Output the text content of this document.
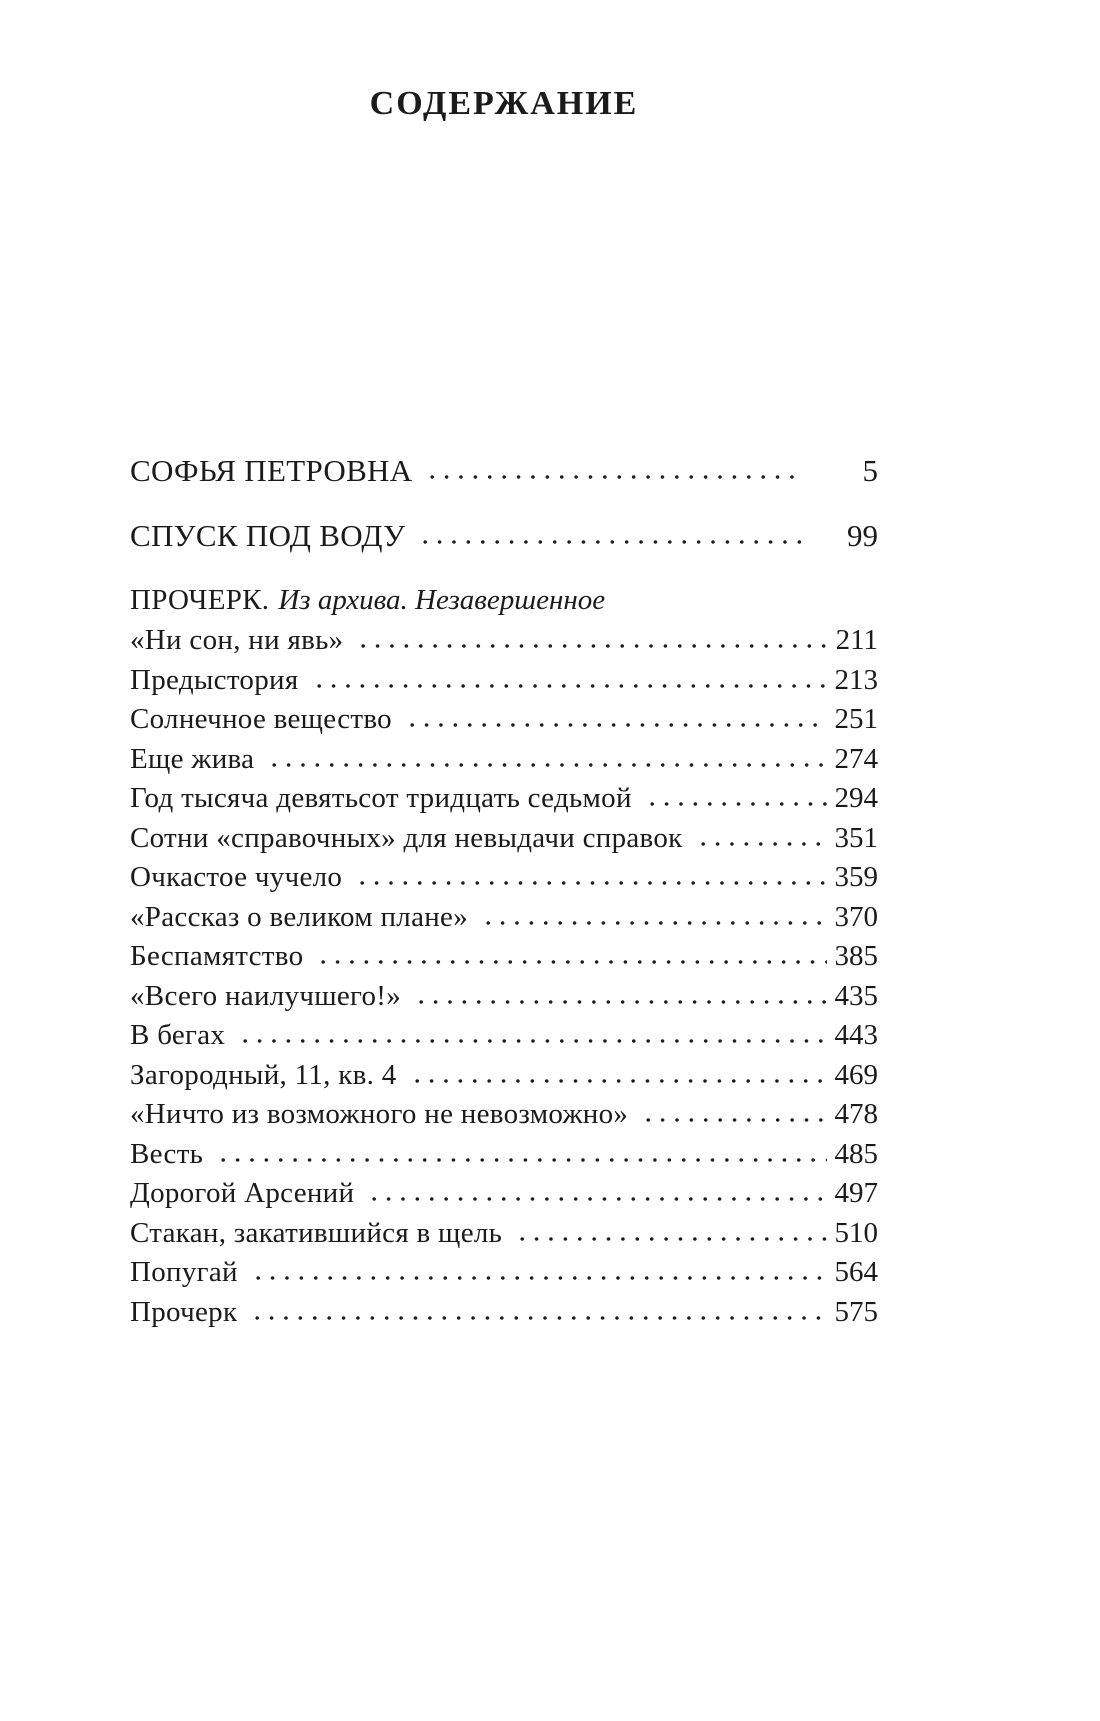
СОДЕРЖАНИЕ
СОФЬЯ ПЕТРОВНА	5
СПУСК ПОД ВОДУ	99
ПРОЧЕРК. Из архива. Незавершенное
«Ни сон, ни явь»	211
Предыстория	213
Солнечное вещество	251
Еще жива	274
Год тысяча девятьсот тридцать седьмой	294
Сотни «справочных» для невыдачи справок	351
Очкастое чучело	359
«Рассказ о великом плане»	370
Беспамятство	385
«Всего наилучшего!»	435
В бегах	443
Загородный, 11, кв. 4	469
«Ничто из возможного не невозможно»	478
Весть	485
Дорогой Арсений	497
Стакан, закатившийся в щель	510
Попугай	564
Прочерк	575
